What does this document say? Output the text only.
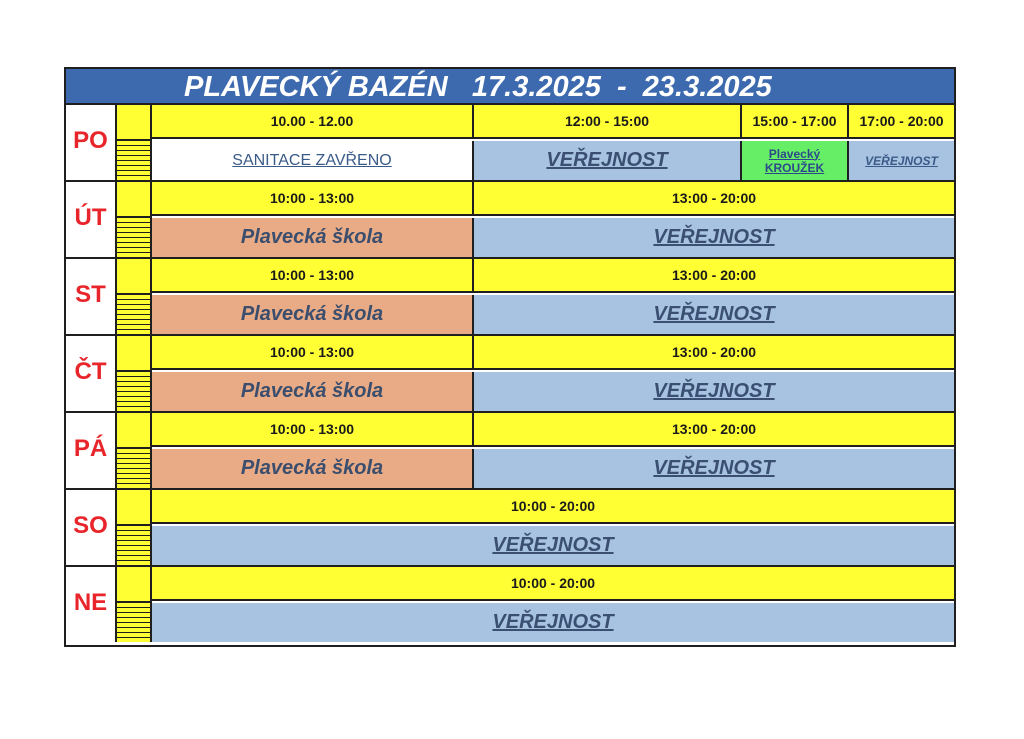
PLAVECKÝ BAZÉN   17.3.2025  -  23.3.2025

PO
10.00 - 12.00	12:00 - 15:00	15:00 - 17:00	17:00 - 20:00
SANITACE ZAVŘENO	VEŘEJNOST	Plavecký KROUŽEK	VEŘEJNOST
ÚT
10:00 - 13:00	13:00 - 20:00
Plavecká škola	VEŘEJNOST
ST
10:00 - 13:00	13:00 - 20:00
Plavecká škola	VEŘEJNOST
ČT
10:00 - 13:00	13:00 - 20:00
Plavecká škola	VEŘEJNOST
PÁ
10:00 - 13:00	13:00 - 20:00
Plavecká škola	VEŘEJNOST
SO
10:00 - 20:00
VEŘEJNOST
NE
10:00 - 20:00
VEŘEJNOST
